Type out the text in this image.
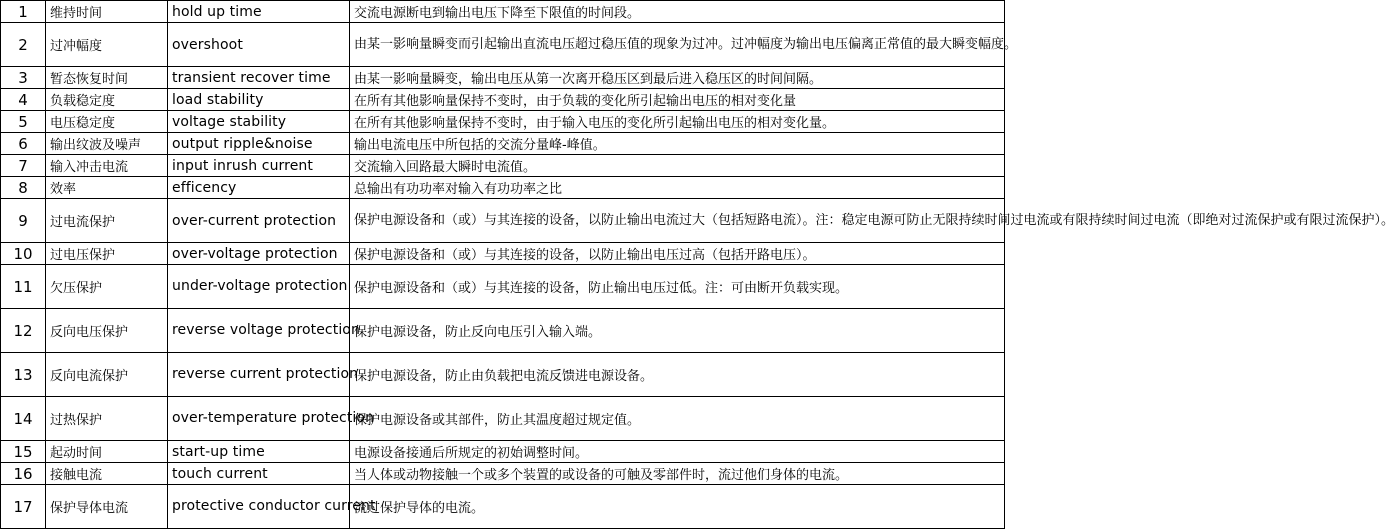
1	维持时间	hold up time	交流电源断电到输出电压下降至下限值的时间段。
2	过冲幅度	overshoot	由某一影响量瞬变而引起输出直流电压超过稳压值的现象为过冲。过冲幅度为输出电压偏离正常值的最大瞬变幅度。
3	暂态恢复时间	transient recover time	由某一影响量瞬变，输出电压从第一次离开稳压区到最后进入稳压区的时间间隔。
4	负载稳定度	load stability	在所有其他影响量保持不变时，由于负载的变化所引起输出电压的相对变化量
5	电压稳定度	voltage stability	在所有其他影响量保持不变时，由于输入电压的变化所引起输出电压的相对变化量。
6	输出纹波及噪声	output ripple&noise	输出电流电压中所包括的交流分量峰-峰值。
7	输入冲击电流	input inrush current	交流输入回路最大瞬时电流值。
8	效率	efficency	总输出有功功率对输入有功功率之比
9	过电流保护	over-current protection	保护电源设备和（或）与其连接的设备，以防止输出电流过大（包括短路电流）。注：稳定电源可防止无限持续时间过电流或有限持续时间过电流（即绝对过流保护或有限过流保护）。
10	过电压保护	over-voltage protection	保护电源设备和（或）与其连接的设备，以防止输出电压过高（包括开路电压）。
11	欠压保护	under-voltage protection	保护电源设备和（或）与其连接的设备，防止输出电压过低。注：可由断开负载实现。
12	反向电压保护	reverse voltage protection	保护电源设备，防止反向电压引入输入端。
13	反向电流保护	reverse current protection	保护电源设备，防止由负载把电流反馈进电源设备。
14	过热保护	over-temperature protection	保护电源设备或其部件，防止其温度超过规定值。
15	起动时间	start-up time	电源设备接通后所规定的初始调整时间。
16	接触电流	touch current	当人体或动物接触一个或多个装置的或设备的可触及零部件时，流过他们身体的电流。
17	保护导体电流	protective conductor current	流过保护导体的电流。
